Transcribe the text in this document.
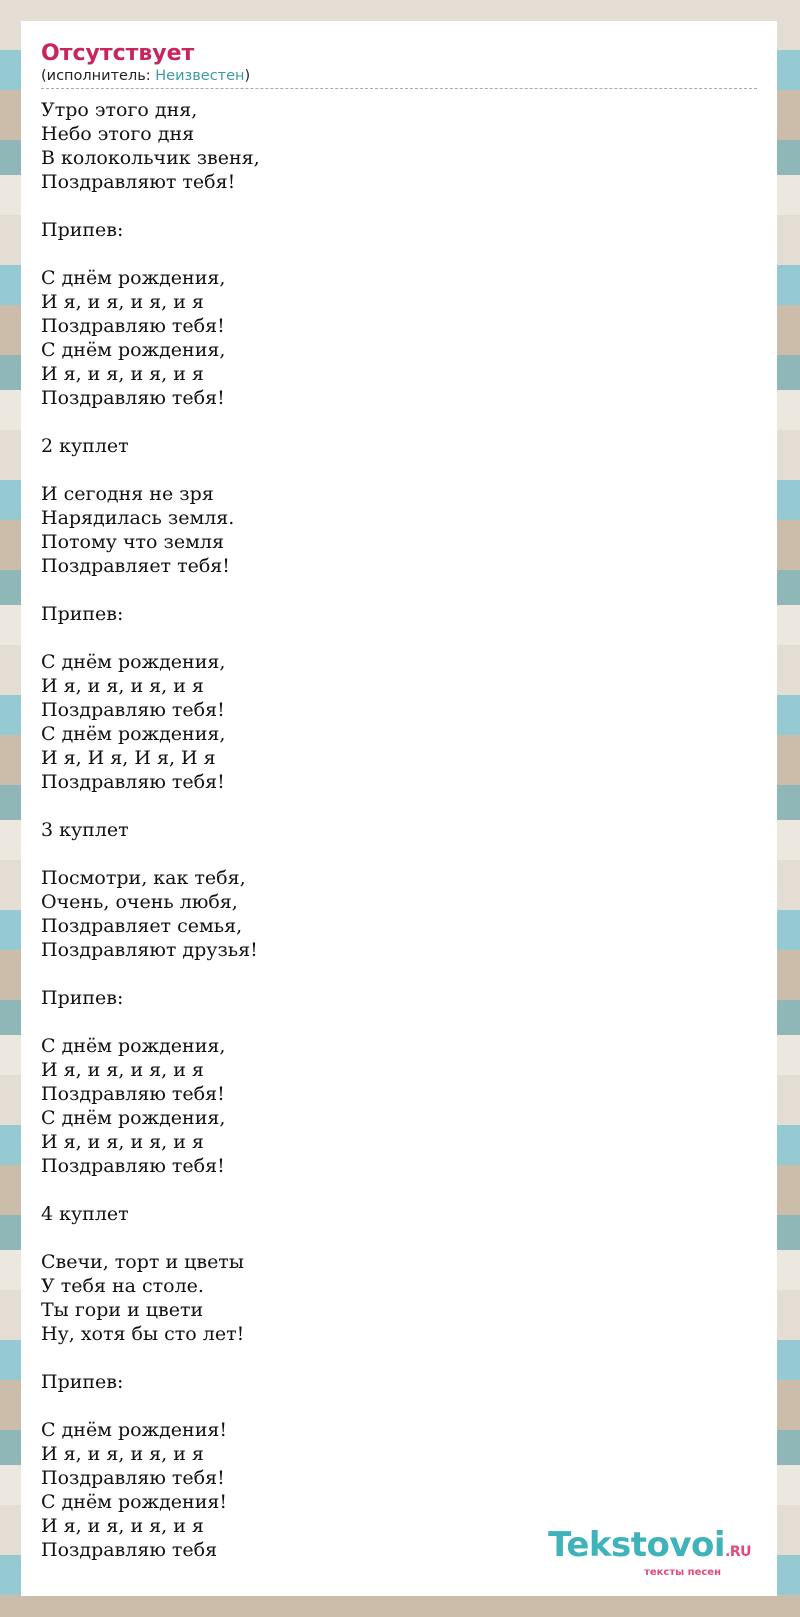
Отсутствует
(исполнитель: Неизвестен)
Утро этого дня,
Небо этого дня
В колокольчик звеня,
Поздравляют тебя!
Припев:
С днём рождения,
И я, и я, и я, и я
Поздравляю тебя!
С днём рождения,
И я, и я, и я, и я
Поздравляю тебя!
2 куплет
И сегодня не зря
Нарядилась земля.
Потому что земля
Поздравляет тебя!
Припев:
С днём рождения,
И я, и я, и я, и я
Поздравляю тебя!
С днём рождения,
И я, И я, И я, И я
Поздравляю тебя!
3 куплет
Посмотри, как тебя,
Очень, очень любя,
Поздравляет семья,
Поздравляют друзья!
Припев:
С днём рождения,
И я, и я, и я, и я
Поздравляю тебя!
С днём рождения,
И я, и я, и я, и я
Поздравляю тебя!
4 куплет
Свечи, торт и цветы
У тебя на столе.
Ты гори и цвети
Ну, хотя бы сто лет!
Припев:
С днём рождения!
И я, и я, и я, и я
Поздравляю тебя!
С днём рождения!
И я, и я, и я, и я
Поздравляю тебя	Tekstovoi.RU
тексты песен
